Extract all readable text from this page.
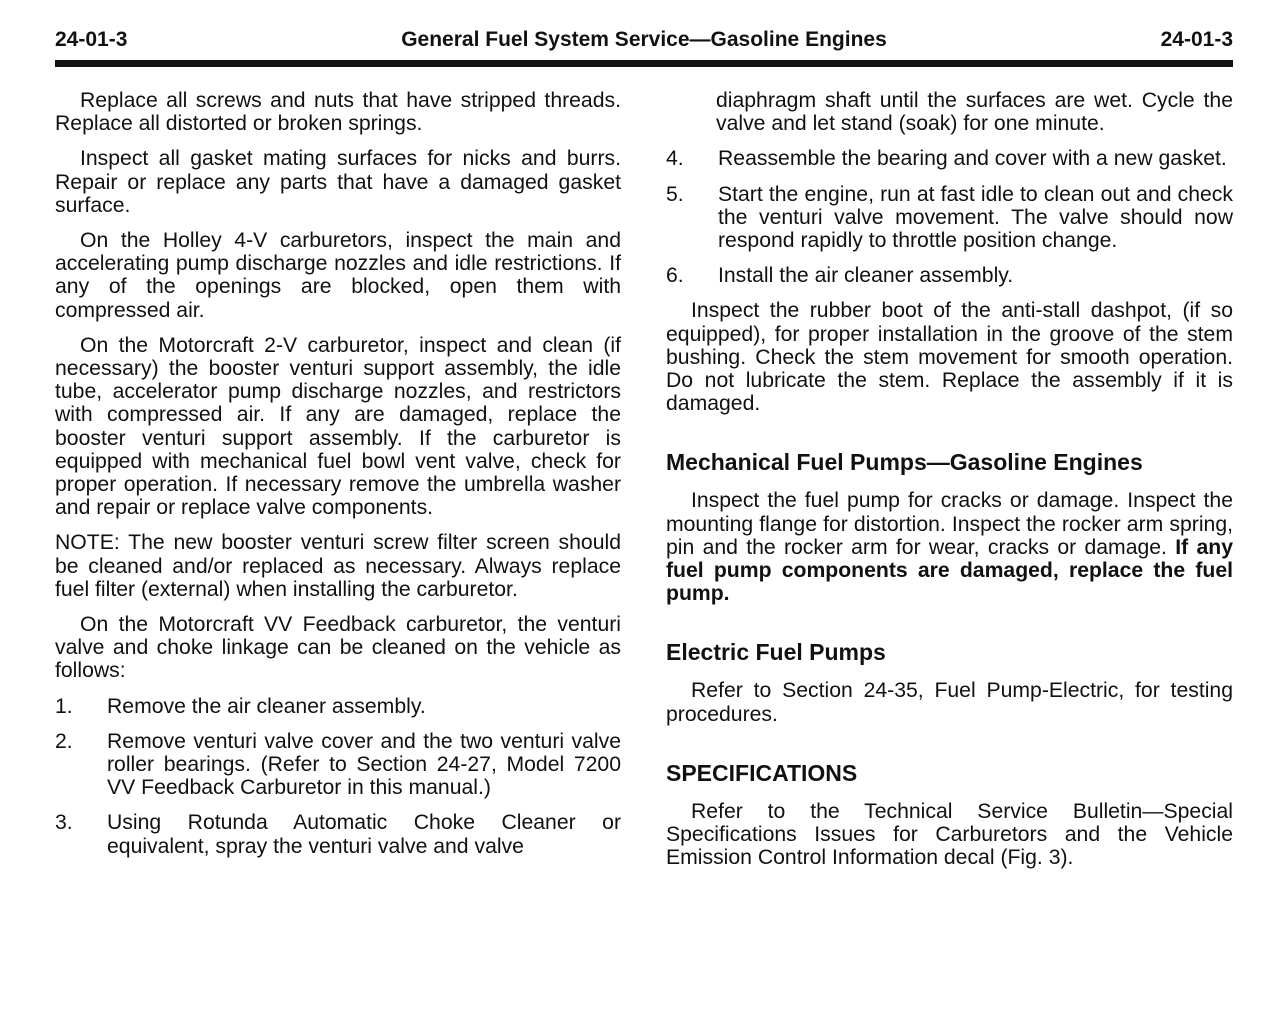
24-01-3	General Fuel System Service—Gasoline Engines	24-01-3

Replace all screws and nuts that have stripped threads. Replace all distorted or broken springs.

Inspect all gasket mating surfaces for nicks and burrs. Repair or replace any parts that have a damaged gasket surface.

On the Holley 4-V carburetors, inspect the main and accelerating pump discharge nozzles and idle restrictions. If any of the openings are blocked, open them with compressed air.

On the Motorcraft 2-V carburetor, inspect and clean (if necessary) the booster venturi support assembly, the idle tube, accelerator pump discharge nozzles, and restrictors with compressed air. If any are damaged, replace the booster venturi support assembly. If the carburetor is equipped with mechanical fuel bowl vent valve, check for proper operation. If necessary remove the umbrella washer and repair or replace valve components.

NOTE: The new booster venturi screw filter screen should be cleaned and/or replaced as necessary. Always replace fuel filter (external) when installing the carburetor.

On the Motorcraft VV Feedback carburetor, the venturi valve and choke linkage can be cleaned on the vehicle as follows:

1. Remove the air cleaner assembly.
2. Remove venturi valve cover and the two venturi valve roller bearings. (Refer to Section 24-27, Model 7200 VV Feedback Carburetor in this manual.)
3. Using Rotunda Automatic Choke Cleaner or equivalent, spray the venturi valve and valve
diaphragm shaft until the surfaces are wet. Cycle the valve and let stand (soak) for one minute.
4. Reassemble the bearing and cover with a new gasket.
5. Start the engine, run at fast idle to clean out and check the venturi valve movement. The valve should now respond rapidly to throttle position change.
6. Install the air cleaner assembly.

Inspect the rubber boot of the anti-stall dashpot, (if so equipped), for proper installation in the groove of the stem bushing. Check the stem movement for smooth operation. Do not lubricate the stem. Replace the assembly if it is damaged.

Mechanical Fuel Pumps—Gasoline Engines

Inspect the fuel pump for cracks or damage. Inspect the mounting flange for distortion. Inspect the rocker arm spring, pin and the rocker arm for wear, cracks or damage. If any fuel pump components are damaged, replace the fuel pump.

Electric Fuel Pumps

Refer to Section 24-35, Fuel Pump-Electric, for testing procedures.

SPECIFICATIONS

Refer to the Technical Service Bulletin—Special Specifications Issues for Carburetors and the Vehicle Emission Control Information decal (Fig. 3).
